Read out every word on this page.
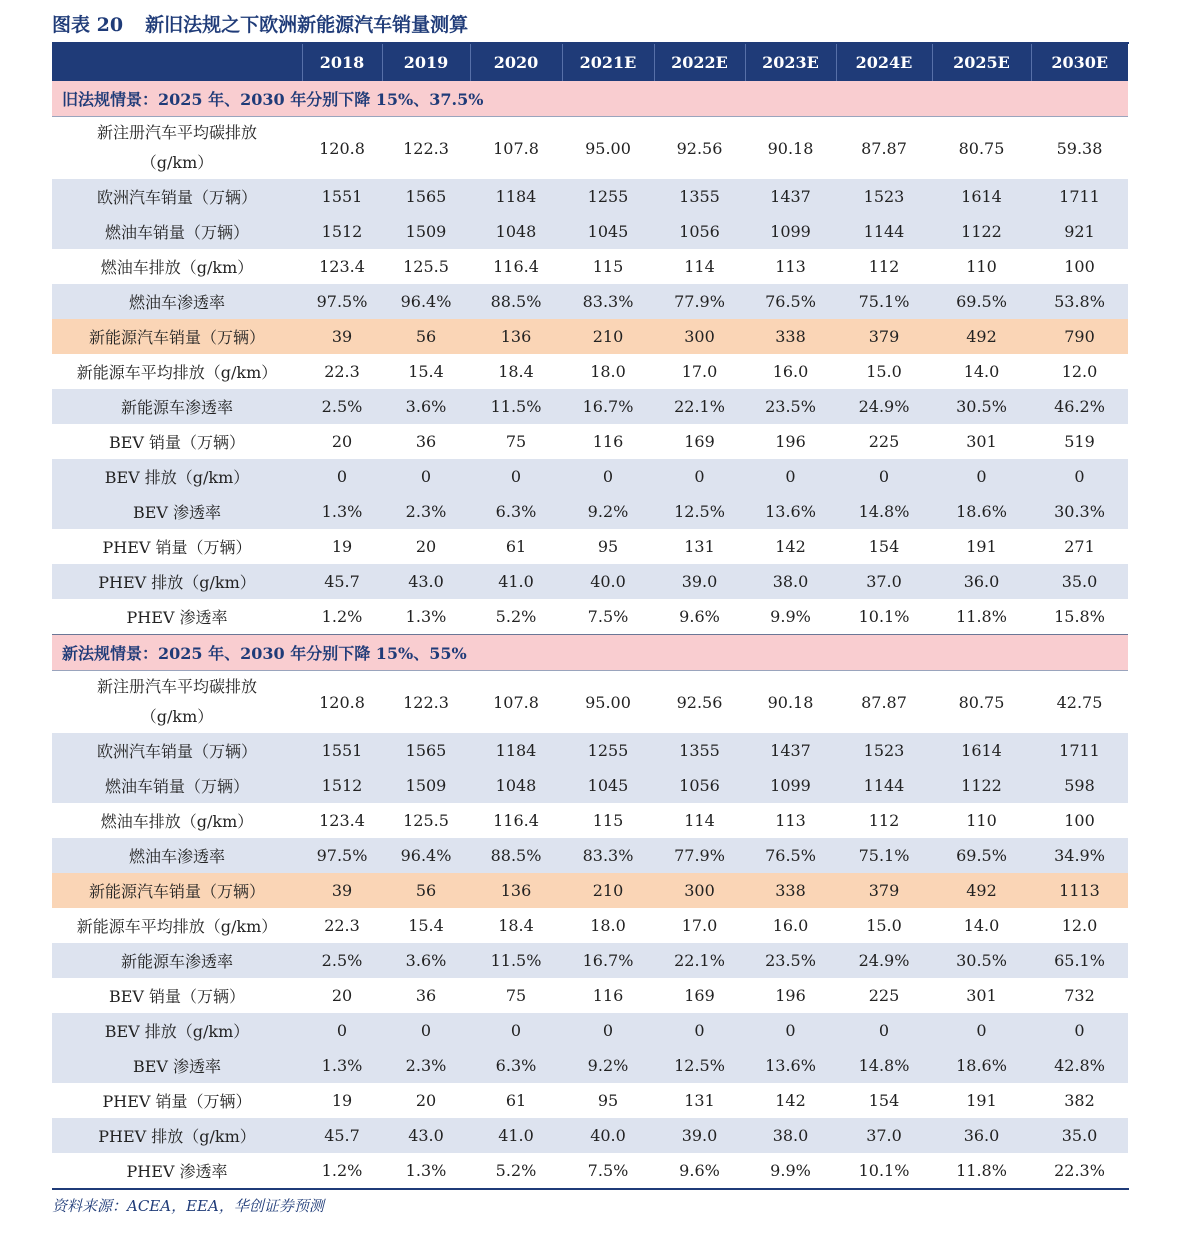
图表 20 新旧法规之下欧洲新能源汽车销量测算
	2018	2019	2020	2021E	2022E	2023E	2024E	2025E	2030E
旧法规情景：2025 年、2030 年分别下降 15%、37.5%									

新注册汽车平均碳排放
（g/km）	120.8	122.3	107.8	95.00	92.56	90.18	87.87	80.75	59.38
欧洲汽车销量（万辆）	1551	1565	1184	1255	1355	1437	1523	1614	1711
燃油车销量（万辆）	1512	1509	1048	1045	1056	1099	1144	1122	921
燃油车排放（g/km）	123.4	125.5	116.4	115	114	113	112	110	100
燃油车渗透率	97.5%	96.4%	88.5%	83.3%	77.9%	76.5%	75.1%	69.5%	53.8%
新能源汽车销量（万辆）	39	56	136	210	300	338	379	492	790
新能源车平均排放（g/km）	22.3	15.4	18.4	18.0	17.0	16.0	15.0	14.0	12.0
新能源车渗透率	2.5%	3.6%	11.5%	16.7%	22.1%	23.5%	24.9%	30.5%	46.2%
BEV 销量（万辆）	20	36	75	116	169	196	225	301	519
BEV 排放（g/km）	0	0	0	0	0	0	0	0	0
BEV 渗透率	1.3%	2.3%	6.3%	9.2%	12.5%	13.6%	14.8%	18.6%	30.3%
PHEV 销量（万辆）	19	20	61	95	131	142	154	191	271
PHEV 排放（g/km）	45.7	43.0	41.0	40.0	39.0	38.0	37.0	36.0	35.0
PHEV 渗透率	1.2%	1.3%	5.2%	7.5%	9.6%	9.9%	10.1%	11.8%	15.8%
新法规情景：2025 年、2030 年分别下降 15%、55%									

新注册汽车平均碳排放
（g/km）	120.8	122.3	107.8	95.00	92.56	90.18	87.87	80.75	42.75
欧洲汽车销量（万辆）	1551	1565	1184	1255	1355	1437	1523	1614	1711
燃油车销量（万辆）	1512	1509	1048	1045	1056	1099	1144	1122	598
燃油车排放（g/km）	123.4	125.5	116.4	115	114	113	112	110	100
燃油车渗透率	97.5%	96.4%	88.5%	83.3%	77.9%	76.5%	75.1%	69.5%	34.9%
新能源汽车销量（万辆）	39	56	136	210	300	338	379	492	1113
新能源车平均排放（g/km）	22.3	15.4	18.4	18.0	17.0	16.0	15.0	14.0	12.0
新能源车渗透率	2.5%	3.6%	11.5%	16.7%	22.1%	23.5%	24.9%	30.5%	65.1%
BEV 销量（万辆）	20	36	75	116	169	196	225	301	732
BEV 排放（g/km）	0	0	0	0	0	0	0	0	0
BEV 渗透率	1.3%	2.3%	6.3%	9.2%	12.5%	13.6%	14.8%	18.6%	42.8%
PHEV 销量（万辆）	19	20	61	95	131	142	154	191	382
PHEV 排放（g/km）	45.7	43.0	41.0	40.0	39.0	38.0	37.0	36.0	35.0
PHEV 渗透率	1.2%	1.3%	5.2%	7.5%	9.6%	9.9%	10.1%	11.8%	22.3%
资料来源：ACEA，EEA，华创证券预测
